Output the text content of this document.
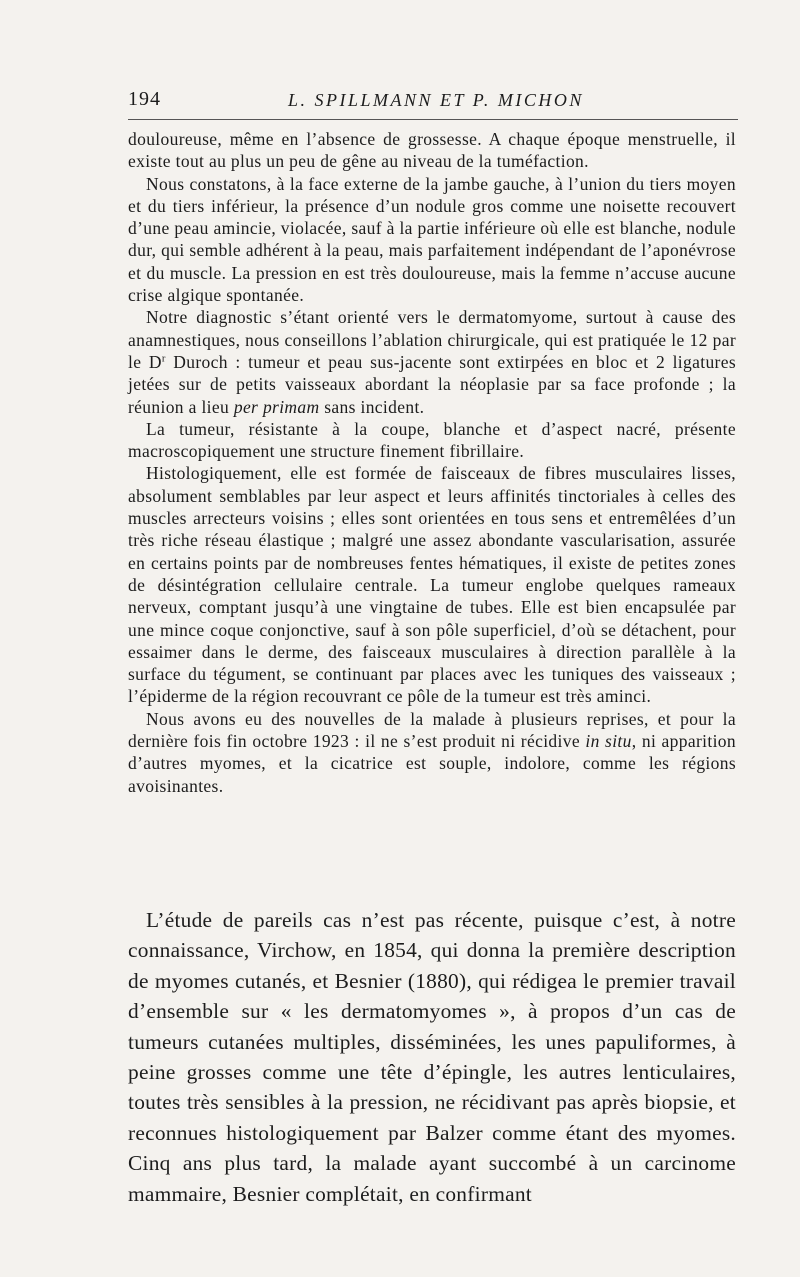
194	L. SPILLMANN ET P. MICHON

douloureuse, même en l’absence de grossesse. A chaque époque menstruelle, il existe tout au plus un peu de gêne au niveau de la tuméfaction.

Nous constatons, à la face externe de la jambe gauche, à l’union du tiers moyen et du tiers inférieur, la présence d’un nodule gros comme une noisette recouvert d’une peau amincie, violacée, sauf à la partie inférieure où elle est blanche, nodule dur, qui semble adhérent à la peau, mais parfaitement indépendant de l’aponévrose et du muscle. La pression en est très douloureuse, mais la femme n’accuse aucune crise algique spontanée.

Notre diagnostic s’étant orienté vers le dermatomyome, surtout à cause des anamnestiques, nous conseillons l’ablation chirurgicale, qui est pratiquée le 12 par le $D^r$ Duroch : tumeur et peau sus-jacente sont extirpées en bloc et 2 ligatures jetées sur de petits vaisseaux abordant la néoplasie par sa face profonde ; la réunion a lieu per primam sans incident.

La tumeur, résistante à la coupe, blanche et d’aspect nacré, présente macroscopiquement une structure finement fibrillaire.

Histologiquement, elle est formée de faisceaux de fibres musculaires lisses, absolument semblables par leur aspect et leurs affinités tinctoriales à celles des muscles arrecteurs voisins ; elles sont orientées en tous sens et entremêlées d’un très riche réseau élastique ; malgré une assez abondante vascularisation, assurée en certains points par de nombreuses fentes hématiques, il existe de petites zones de désintégration cellulaire centrale. La tumeur englobe quelques rameaux nerveux, comptant jusqu’à une vingtaine de tubes. Elle est bien encapsulée par une mince coque conjonctive, sauf à son pôle superficiel, d’où se détachent, pour essaimer dans le derme, des faisceaux musculaires à direction parallèle à la surface du tégument, se continuant par places avec les tuniques des vaisseaux ; l’épiderme de la région recouvrant ce pôle de la tumeur est très aminci.

Nous avons eu des nouvelles de la malade à plusieurs reprises, et pour la dernière fois fin octobre 1923 : il ne s’est produit ni récidive in situ, ni apparition d’autres myomes, et la cicatrice est souple, indolore, comme les régions avoisinantes.

L’étude de pareils cas n’est pas récente, puisque c’est, à notre connaissance, Virchow, en 1854, qui donna la première description de myomes cutanés, et Besnier (1880), qui rédigea le premier travail d’ensemble sur « les dermatomyomes », à propos d’un cas de tumeurs cutanées multiples, disséminées, les unes papuliformes, à peine grosses comme une tête d’épingle, les autres lenticulaires, toutes très sensibles à la pression, ne récidivant pas après biopsie, et reconnues histologiquement par Balzer comme étant des myomes. Cinq ans plus tard, la malade ayant succombé à un carcinome mammaire, Besnier complétait, en confirmant
